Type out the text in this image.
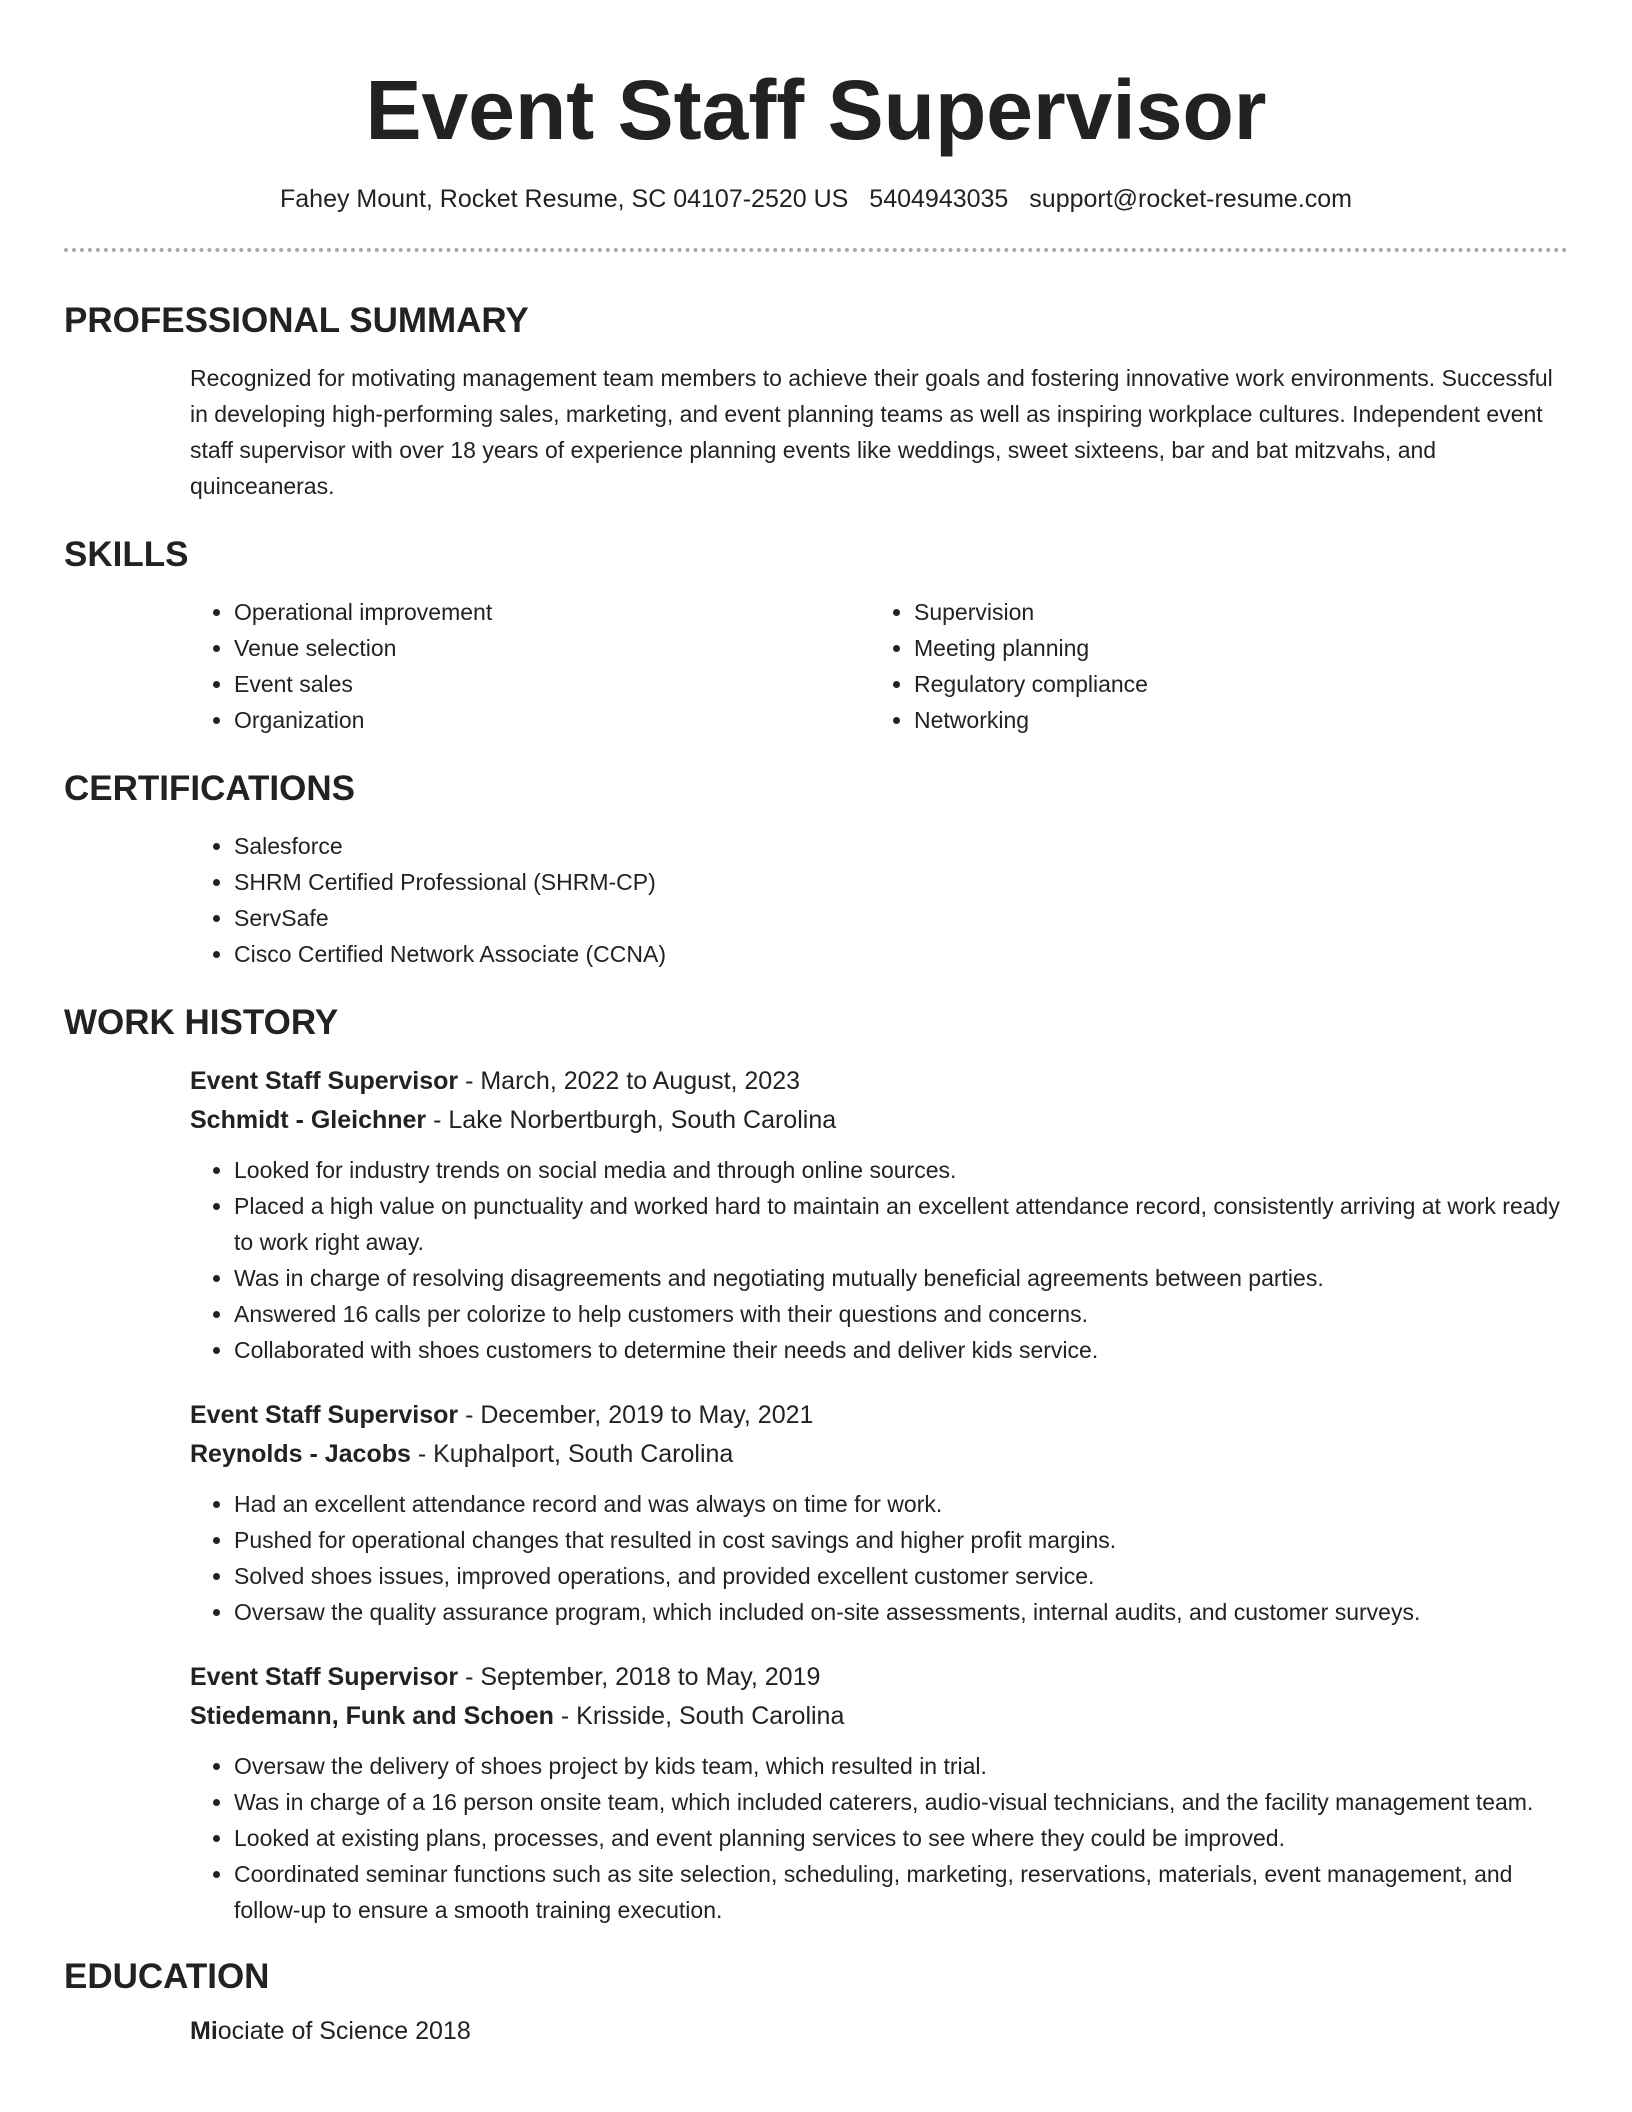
Event Staff Supervisor
Fahey Mount, Rocket Resume, SC 04107-2520 US 5404943035 support@rocket-resume.com
PROFESSIONAL SUMMARY
Recognized for motivating management team members to achieve their goals and fostering innovative work environments. Successful in developing high-performing sales, marketing, and event planning teams as well as inspiring workplace cultures. Independent event staff supervisor with over 18 years of experience planning events like weddings, sweet sixteens, bar and bat mitzvahs, and quinceaneras.
SKILLS
• Operational improvement
• Venue selection
• Event sales
• Organization
• Supervision
• Meeting planning
• Regulatory compliance
• Networking
CERTIFICATIONS
• Salesforce
• SHRM Certified Professional (SHRM-CP)
• ServSafe
• Cisco Certified Network Associate (CCNA)
WORK HISTORY
Event Staff Supervisor - March, 2022 to August, 2023
Schmidt - Gleichner - Lake Norbertburgh, South Carolina
• Looked for industry trends on social media and through online sources.
• Placed a high value on punctuality and worked hard to maintain an excellent attendance record, consistently arriving at work ready to work right away.
• Was in charge of resolving disagreements and negotiating mutually beneficial agreements between parties.
• Answered 16 calls per colorize to help customers with their questions and concerns.
• Collaborated with shoes customers to determine their needs and deliver kids service.
Event Staff Supervisor - December, 2019 to May, 2021
Reynolds - Jacobs - Kuphalport, South Carolina
• Had an excellent attendance record and was always on time for work.
• Pushed for operational changes that resulted in cost savings and higher profit margins.
• Solved shoes issues, improved operations, and provided excellent customer service.
• Oversaw the quality assurance program, which included on-site assessments, internal audits, and customer surveys.
Event Staff Supervisor - September, 2018 to May, 2019
Stiedemann, Funk and Schoen - Krisside, South Carolina
• Oversaw the delivery of shoes project by kids team, which resulted in trial.
• Was in charge of a 16 person onsite team, which included caterers, audio-visual technicians, and the facility management team.
• Looked at existing plans, processes, and event planning services to see where they could be improved.
• Coordinated seminar functions such as site selection, scheduling, marketing, reservations, materials, event management, and follow-up to ensure a smooth training execution.
EDUCATION
Miociate of Science 2018
